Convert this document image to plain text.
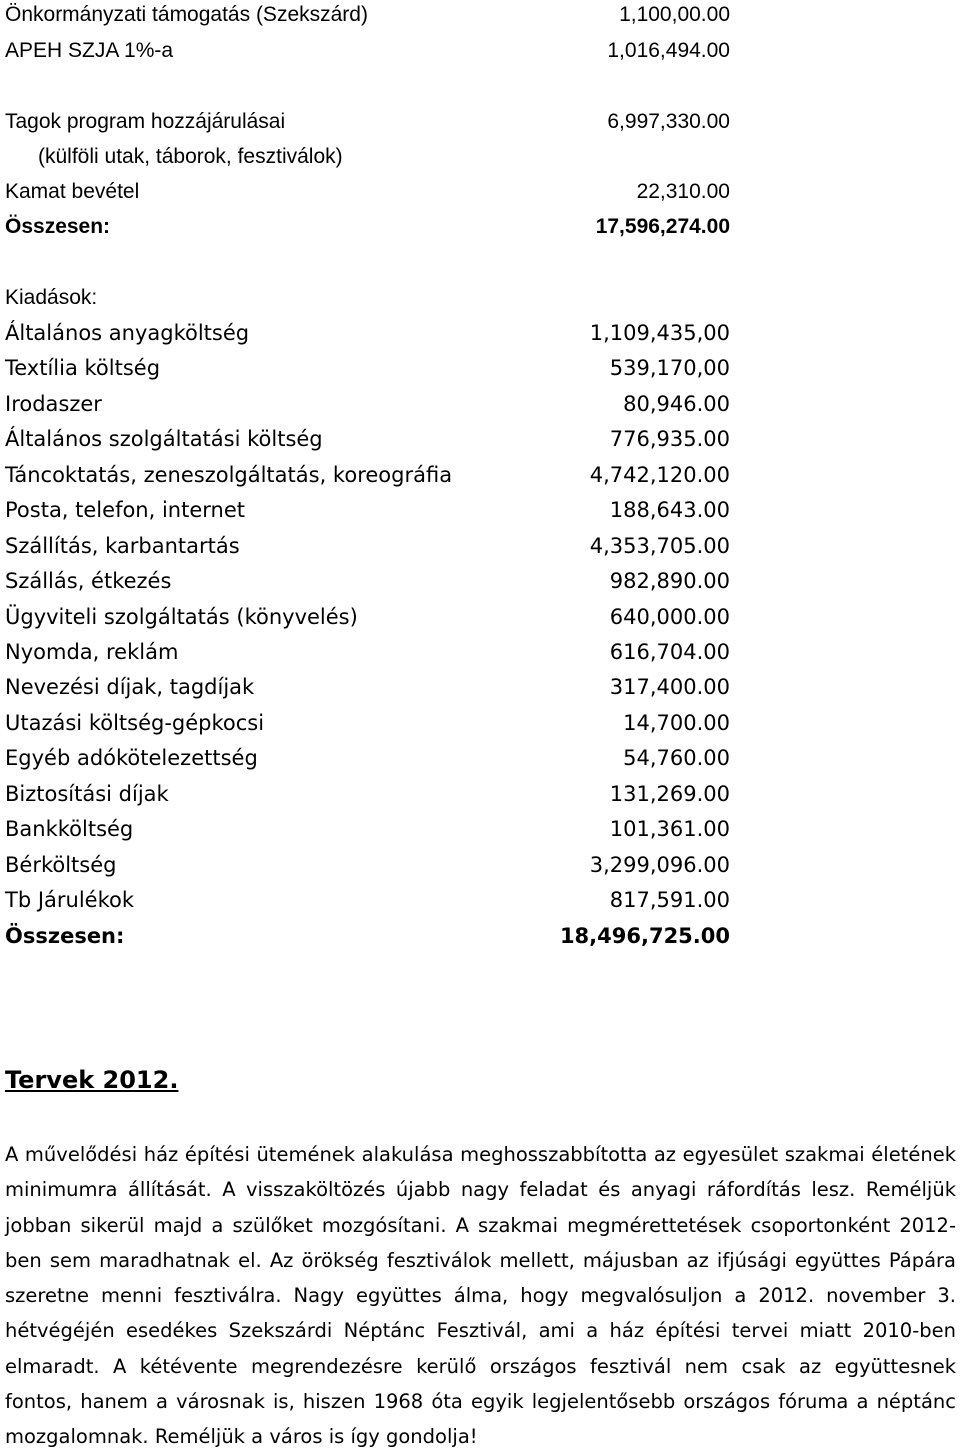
Önkormányzati támogatás (Szekszárd)	1,100,00.00
APEH SZJA 1%-a	1,016,494.00
Tagok program hozzájárulásai	6,997,330.00
(külföli utak, táborok, fesztiválok)
Kamat bevétel	22,310.00
Összesen:	17,596,274.00
Kiadások:
Általános anyagköltség	1,109,435,00
Textília költség	539,170,00
Irodaszer	80,946.00
Általános szolgáltatási költség	776,935.00
Táncoktatás, zeneszolgáltatás, koreográfia	4,742,120.00
Posta, telefon, internet	188,643.00
Szállítás, karbantartás	4,353,705.00
Szállás, étkezés	982,890.00
Ügyviteli szolgáltatás (könyvelés)	640,000.00
Nyomda, reklám	616,704.00
Nevezési díjak, tagdíjak	317,400.00
Utazási költség-gépkocsi	14,700.00
Egyéb adókötelezettség	54,760.00
Biztosítási díjak	131,269.00
Bankköltség	101,361.00
Bérköltség	3,299,096.00
Tb Járulékok	817,591.00
Összesen:	18,496,725.00
Tervek 2012.
A művelődési ház építési ütemének alakulása meghosszabbította az egyesület szakmai életének minimumra állítását. A visszaköltözés újabb nagy feladat és anyagi ráfordítás lesz. Reméljük jobban sikerül majd a szülőket mozgósítani. A szakmai megmérettetések csoportonként 2012-ben sem maradhatnak el. Az örökség fesztiválok mellett, májusban az ifjúsági együttes Pápára szeretne menni fesztiválra. Nagy együttes álma, hogy megvalósuljon a 2012. november 3. hétvégéjén esedékes Szekszárdi Néptánc Fesztivál, ami a ház építési tervei miatt 2010-ben elmaradt. A kétévente megrendezésre kerülő országos fesztivál nem csak az együttesnek fontos, hanem a városnak is, hiszen 1968 óta egyik legjelentősebb országos fóruma a néptánc mozgalomnak. Reméljük a város is így gondolja!
